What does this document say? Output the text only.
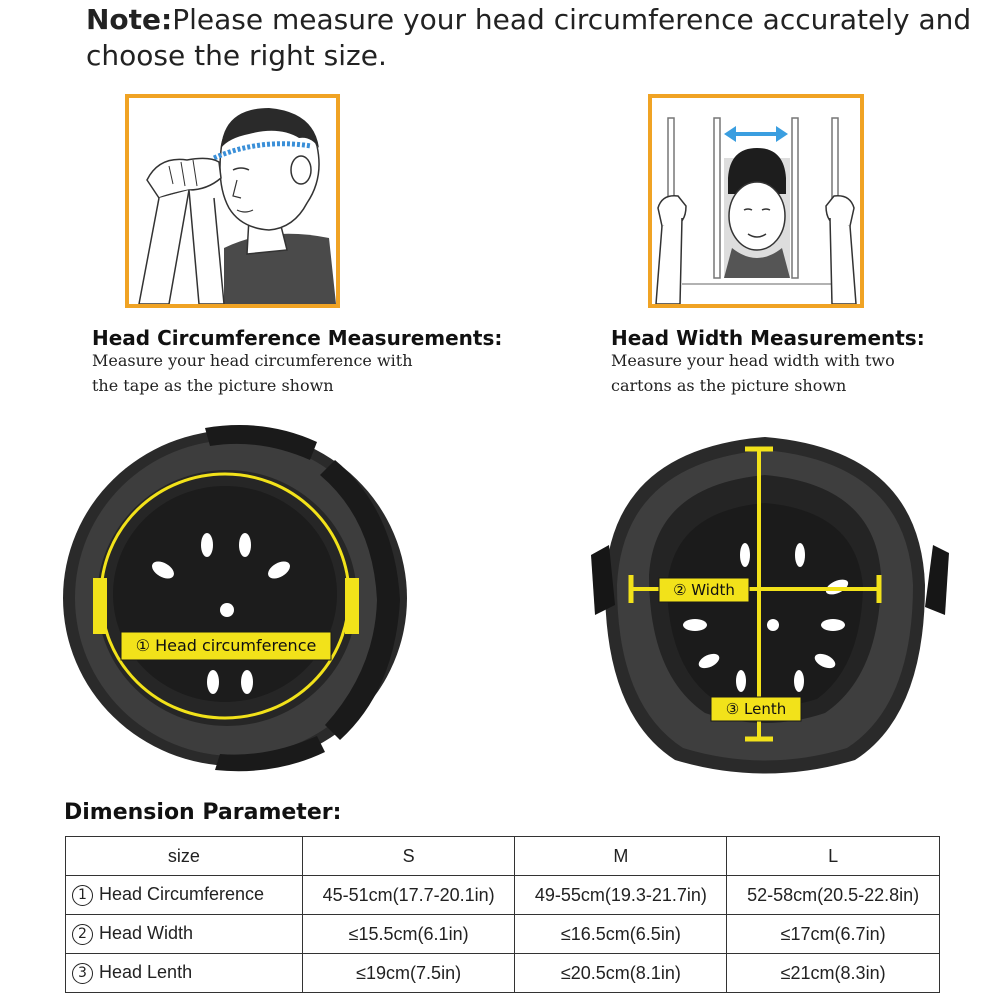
Note:Please measure your head circumference accurately and choose the right size.
Head Circumference Measurements:
Measure your head circumference with the tape as the picture shown
Head Width Measurements:
Measure your head width with two cartons as the picture shown
① Head circumference
② Width
③ Lenth
Dimension Parameter:
size	S	M	L
1 Head Circumference	45-51cm(17.7-20.1in)	49-55cm(19.3-21.7in)	52-58cm(20.5-22.8in)
2 Head Width	≤15.5cm(6.1in)	≤16.5cm(6.5in)	≤17cm(6.7in)
3 Head Lenth	≤19cm(7.5in)	≤20.5cm(8.1in)	≤21cm(8.3in)
